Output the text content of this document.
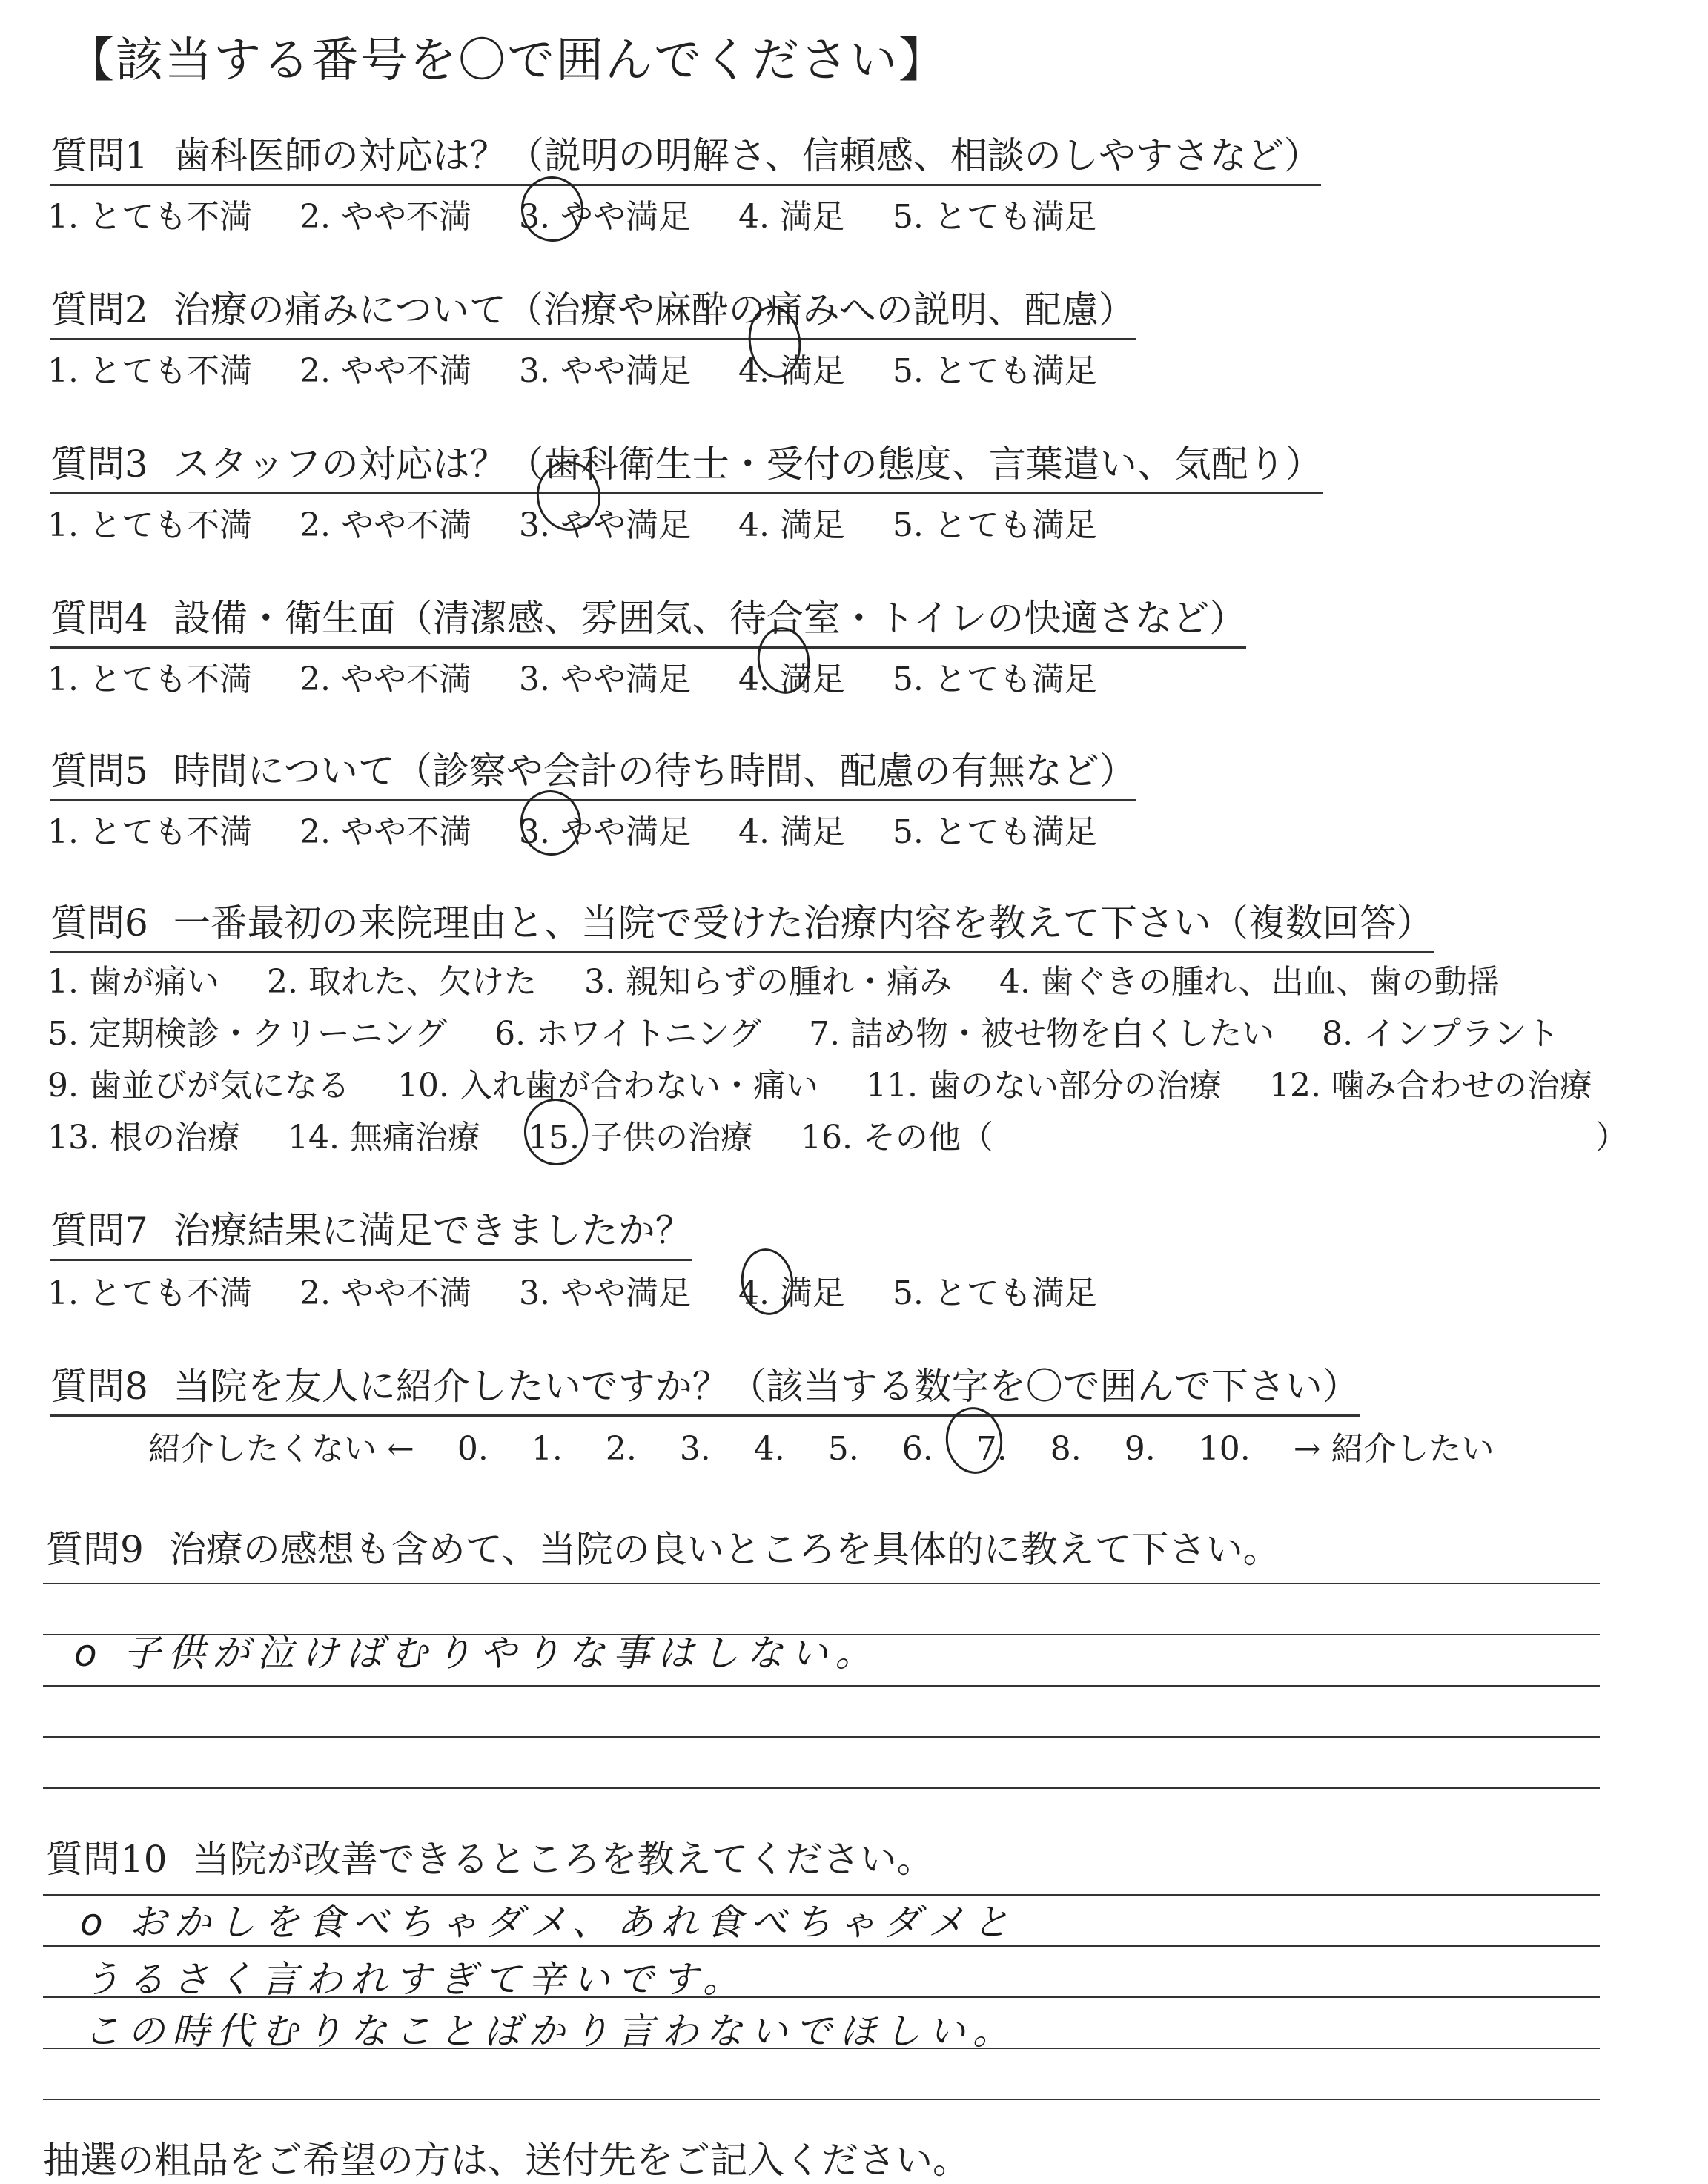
【該当する番号を〇で囲んでください】
質問1 歯科医師の対応は？（説明の明解さ、信頼感、相談のしやすさなど）
1. とても不満 2. やや不満 3. やや満足 4. 満足 5. とても満足
質問2 治療の痛みについて（治療や麻酔の痛みへの説明、配慮）
1. とても不満 2. やや不満 3. やや満足 4. 満足 5. とても満足
質問3 スタッフの対応は？（歯科衛生士・受付の態度、言葉遣い、気配り）
1. とても不満 2. やや不満 3. やや満足 4. 満足 5. とても満足
質問4 設備・衛生面（清潔感、雰囲気、待合室・トイレの快適さなど）
1. とても不満 2. やや不満 3. やや満足 4. 満足 5. とても満足
質問5 時間について（診察や会計の待ち時間、配慮の有無など）
1. とても不満 2. やや不満 3. やや満足 4. 満足 5. とても満足
質問6 一番最初の来院理由と、当院で受けた治療内容を教えて下さい（複数回答）
1. 歯が痛い 2. 取れた、欠けた 3. 親知らずの腫れ・痛み 4. 歯ぐきの腫れ、出血、歯の動揺
5. 定期検診・クリーニング 6. ホワイトニング 7. 詰め物・被せ物を白くしたい 8. インプラント
9. 歯並びが気になる 10. 入れ歯が合わない・痛い 11. 歯のない部分の治療 12. 噛み合わせの治療
13. 根の治療 14. 無痛治療 15. 子供の治療 16. その他（	）
質問7 治療結果に満足できましたか？
1. とても不満 2. やや不満 3. やや満足 4. 満足 5. とても満足
質問8 当院を友人に紹介したいですか？（該当する数字を〇で囲んで下さい）
紹介したくない ← 0. 1. 2. 3. 4. 5. 6. 7. 8. 9. 10. → 紹介したい
質問9 治療の感想も含めて、当院の良いところを具体的に教えて下さい。
o 子供が泣けばむりやりな事はしない。
質問10 当院が改善できるところを教えてください。
o おかしを食べちゃダメ、あれ食べちゃダメと
うるさく言われすぎて辛いです。
この時代むりなことばかり言わないでほしい。
抽選の粗品をご希望の方は、送付先をご記入ください。
